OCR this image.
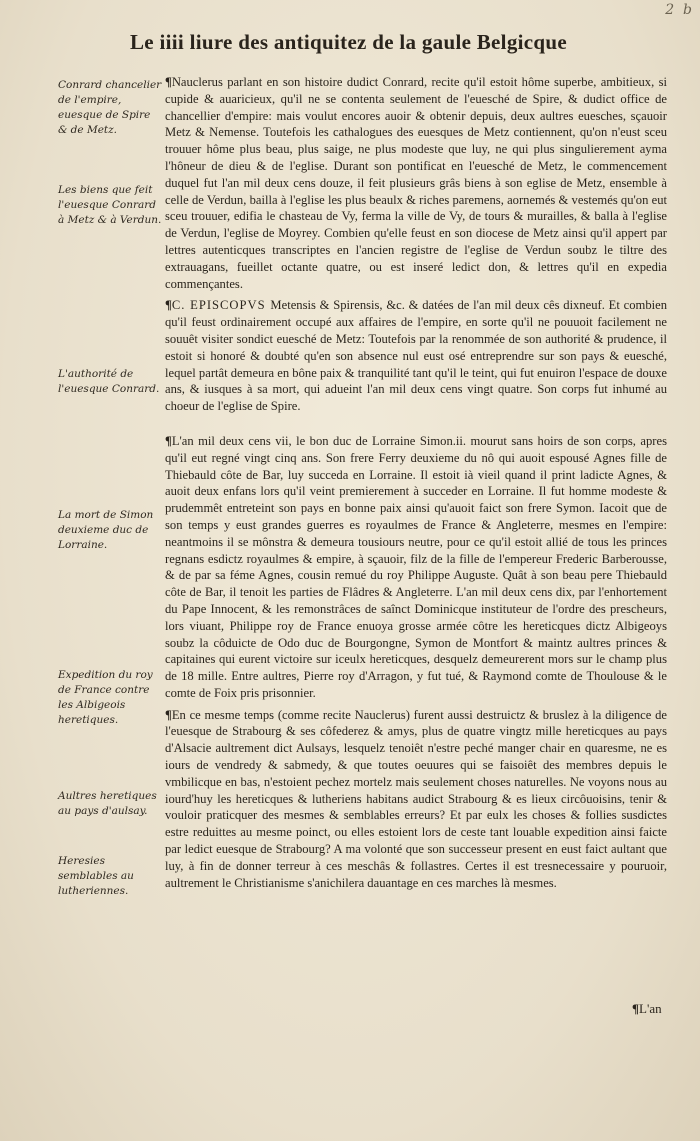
2  b
Le iiii liure des antiquitez de la gaule Belgicque
Conrard chancelier de l'empire, euesque de Spire & de Metz.
Les biens que feit l'euesque Conrard à Metz & à Verdun.
L'authorité de l'euesque Conrard.
La mort de Simon deuxieme duc de Lorraine.
Expedition du roy de France contre les Albigeois heretiques.
Aultres heretiques au pays d'aulsay.
Heresies semblables au lutheriennes.

¶Nauclerus parlant en son histoire dudict Conrard, recite qu'il estoit hôme superbe, ambitieux, si cupide & auaricieux, qu'il ne se contenta seulement de l'euesché de Spire, & dudict office de chancellier d'empire: mais voulut encores auoir & obtenir depuis, deux aultres euesches, sçauoir Metz & Nemense. Toutefois les cathalogues des euesques de Metz contiennent, qu'on n'eust sceu trouuer hôme plus beau, plus saige, ne plus modeste que luy, ne qui plus singulierement ayma l'hôneur de dieu & de l'eglise. Durant son pontificat en l'euesché de Metz, le commencement duquel fut l'an mil deux cens douze, il feit plusieurs grâs biens à son eglise de Metz, ensemble à celle de Verdun, bailla à l'eglise les plus beaulx & riches paremens, aornemés & vestemés qu'on eut sceu trouuer, edifia le chasteau de Vy, ferma la ville de Vy, de tours & murailles, & balla à l'eglise de Verdun, l'eglise de Moyrey. Combien qu'elle feust en son diocese de Metz ainsi qu'il appert par lettres autenticques transcriptes en l'ancien registre de l'eglise de Verdun soubz le tiltre des extrauagans, fueillet octante quatre, ou est inseré ledict don, & lettres qu'il en expedia commençantes.

¶C. EPISCOPVS Metensis & Spirensis, &c. & datées de l'an mil deux cês dixneuf. Et combien qu'il feust ordinairement occupé aux affaires de l'empire, en sorte qu'il ne pouuoit facilement ne souuêt visiter sondict euesché de Metz: Toutefois par la renommée de son authorité & prudence, il estoit si honoré & doubté qu'en son absence nul eust osé entreprendre sur son pays & euesché, lequel partât demeura en bône paix & tranquilité tant qu'il le teint, qui fut enuiron l'espace de douxe ans, & iusques à sa mort, qui adueint l'an mil deux cens vingt quatre. Son corps fut inhumé au choeur de l'eglise de Spire.

¶L'an mil deux cens vii, le bon duc de Lorraine Simon.ii. mourut sans hoirs de son corps, apres qu'il eut regné vingt cinq ans. Son frere Ferry deuxieme du nô qui auoit espousé Agnes fille de Thiebauld côte de Bar, luy succeda en Lorraine. Il estoit ià vieil quand il print ladicte Agnes, & auoit deux enfans lors qu'il veint premierement à succeder en Lorraine. Il fut homme modeste & prudemmêt entreteint son pays en bonne paix ainsi qu'auoit faict son frere Symon. Iacoit que de son temps y eust grandes guerres es royaulmes de France & Angleterre, mesmes en l'empire: neantmoins il se mônstra & demeura tousiours neutre, pour ce qu'il estoit allié de tous les princes regnans esdictz royaulmes & empire, à sçauoir, filz de la fille de l'empereur Frederic Barberousse, & de par sa féme Agnes, cousin remué du roy Philippe Auguste. Quât à son beau pere Thiebauld côte de Bar, il tenoit les parties de Flâdres & Angleterre. L'an mil deux cens dix, par l'enhortement du Pape Innocent, & les remonstrâces de saînct Dominicque instituteur de l'ordre des prescheurs, lors viuant, Philippe roy de France enuoya grosse armée côtre les hereticques dictz Albigeoys soubz la côduicte de Odo duc de Bourgongne, Symon de Montfort & maintz aultres princes & capitaines qui eurent victoire sur iceulx hereticques, desquelz demeurerent mors sur le champ plus de 18 mille. Entre aultres, Pierre roy d'Arragon, y fut tué, & Raymond comte de Thoulouse & le comte de Foix pris prisonnier.

¶En ce mesme temps (comme recite Nauclerus) furent aussi destruictz & bruslez à la diligence de l'euesque de Strabourg & ses côfederez & amys, plus de quatre vingtz mille hereticques au pays d'Alsacie aultrement dict Aulsays, lesquelz tenoiêt n'estre peché manger chair en quaresme, ne es iours de vendredy & sabmedy, & que toutes oeuures qui se faisoiêt des membres depuis le vmbilicque en bas, n'estoient pechez mortelz mais seulement choses naturelles. Ne voyons nous au iourd'huy les hereticques & lutheriens habitans audict Strabourg & es lieux circôuoisins, tenir & vouloir praticquer des mesmes & semblables erreurs? Et par eulx les choses & follies susdictes estre reduittes au mesme poinct, ou elles estoient lors de ceste tant louable expedition ainsi faicte par ledict euesque de Strabourg? A ma volonté que son successeur present en eust faict aultant que luy, à fin de donner terreur à ces meschâs & follastres. Certes il est tresnecessaire y pouruoir, aultrement le Christianisme s'anichilera dauantage en ces marches là mesmes.

¶L'an
